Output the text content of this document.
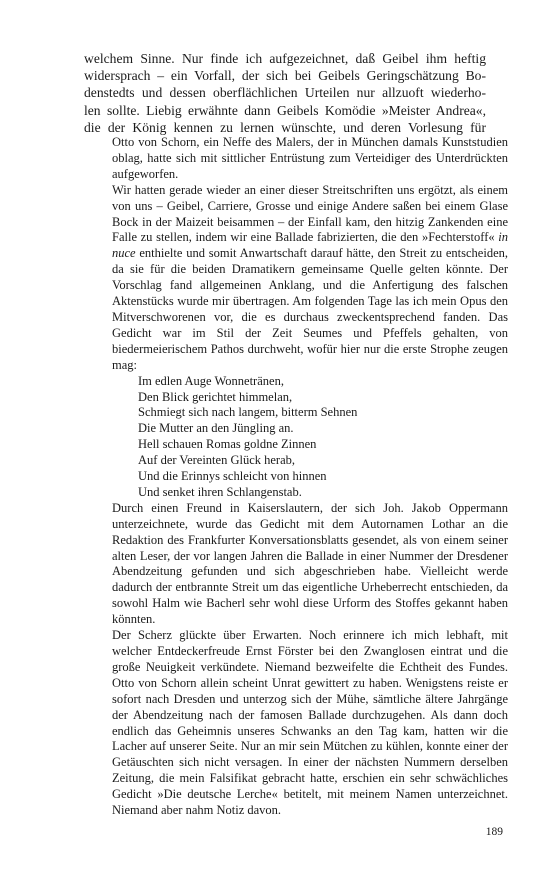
welchem Sinne. Nur finde ich aufgezeichnet, daß Geibel ihm heftig
widersprach – ein Vorfall, der sich bei Geibels Geringschätzung Bo-
denstedts und dessen oberflächlichen Urteilen nur allzuoft wiederho-
len sollte. Liebig erwähnte dann Geibels Komödie »Meister Andrea«,
die der König kennen zu lernen wünschte, und deren Vorlesung für

Otto von Schorn, ein Neffe des Malers, der in München damals Kunststudien oblag, hatte sich mit sittlicher Entrüstung zum Verteidiger des Unterdrückten aufgeworfen.

Wir hatten gerade wieder an einer dieser Streitschriften uns ergötzt, als einem von uns – Geibel, Carriere, Grosse und einige Andere saßen bei einem Glase Bock in der Maizeit beisammen – der Einfall kam, den hitzig Zankenden eine Falle zu stellen, indem wir eine Ballade fabrizierten, die den »Fechterstoff« in nuce enthielte und somit Anwartschaft darauf hätte, den Streit zu entscheiden, da sie für die beiden Dramatikern gemeinsame Quelle gelten könnte. Der Vorschlag fand allgemeinen Anklang, und die Anfertigung des falschen Aktenstücks wurde mir übertragen. Am folgenden Tage las ich mein Opus den Mitverschworenen vor, die es durchaus zweckentsprechend fanden. Das Gedicht war im Stil der Zeit Seumes und Pfeffels gehalten, von biedermeierischem Pathos durchweht, wofür hier nur die erste Strophe zeugen mag:

Im edlen Auge Wonnetränen,
Den Blick gerichtet himmelan,
Schmiegt sich nach langem, bitterm Sehnen
Die Mutter an den Jüngling an.
Hell schauen Romas goldne Zinnen
Auf der Vereinten Glück herab,
Und die Erinnys schleicht von hinnen
Und senket ihren Schlangenstab.

Durch einen Freund in Kaiserslautern, der sich Joh. Jakob Oppermann unterzeichnete, wurde das Gedicht mit dem Autornamen Lothar an die Redaktion des Frankfurter Konversationsblatts gesendet, als von einem seiner alten Leser, der vor langen Jahren die Ballade in einer Nummer der Dresdener Abendzeitung gefunden und sich abgeschrieben habe. Vielleicht werde dadurch der entbrannte Streit um das eigentliche Urheberrecht entschieden, da sowohl Halm wie Bacherl sehr wohl diese Urform des Stoffes gekannt haben könnten.

Der Scherz glückte über Erwarten. Noch erinnere ich mich lebhaft, mit welcher Entdeckerfreude Ernst Förster bei den Zwanglosen eintrat und die große Neuigkeit verkündete. Niemand bezweifelte die Echtheit des Fundes. Otto von Schorn allein scheint Unrat gewittert zu haben. Wenigstens reiste er sofort nach Dresden und unterzog sich der Mühe, sämtliche ältere Jahrgänge der Abendzeitung nach der famosen Ballade durchzugehen. Als dann doch endlich das Geheimnis unseres Schwanks an den Tag kam, hatten wir die Lacher auf unserer Seite. Nur an mir sein Mütchen zu kühlen, konnte einer der Getäuschten sich nicht versagen. In einer der nächsten Nummern derselben Zeitung, die mein Falsifikat gebracht hatte, erschien ein sehr schwächliches Gedicht »Die deutsche Lerche« betitelt, mit meinem Namen unterzeichnet. Niemand aber nahm Notiz davon.

189
